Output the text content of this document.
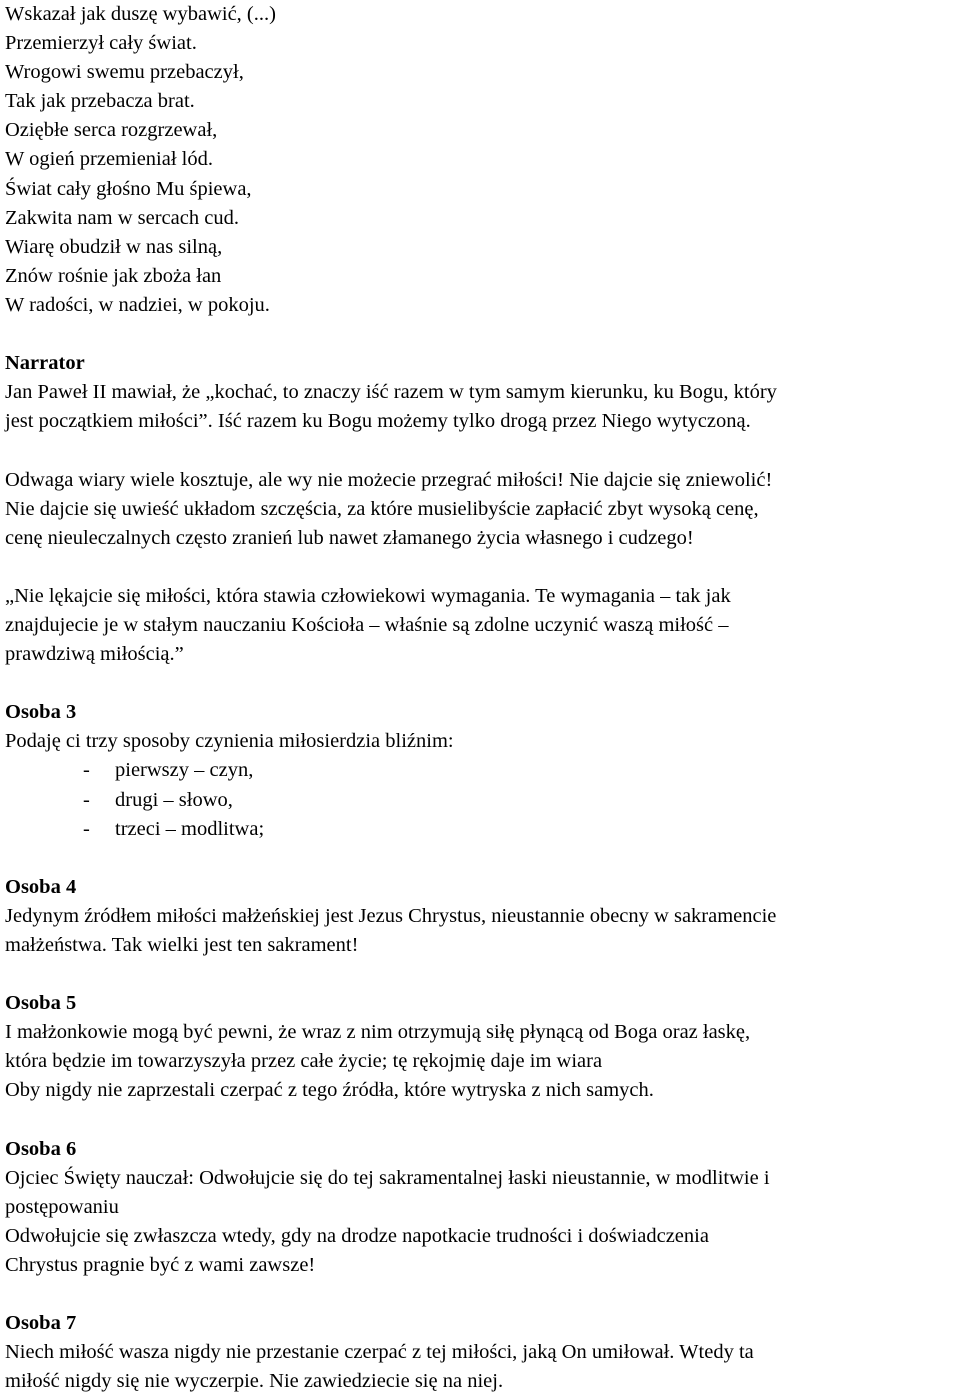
Wskazał jak duszę wybawić, (...)
Przemierzył cały świat.
Wrogowi swemu przebaczył,
Tak jak przebacza brat.
Oziębłe serca rozgrzewał,
W ogień przemieniał lód.
Świat cały głośno Mu śpiewa,
Zakwita nam w sercach cud.
Wiarę obudził w nas silną,
Znów rośnie jak zboża łan
W radości, w nadziei, w pokoju.
Narrator
Jan Paweł II mawiał, że „kochać, to znaczy iść razem w tym samym kierunku, ku Bogu, który
jest początkiem miłości”. Iść razem ku Bogu możemy tylko drogą przez Niego wytyczoną.
Odwaga wiary wiele kosztuje, ale wy nie możecie przegrać miłości! Nie dajcie się zniewolić!
Nie dajcie się uwieść układom szczęścia, za które musielibyście zapłacić zbyt wysoką cenę,
cenę nieuleczalnych często zranień lub nawet złamanego życia własnego i cudzego!
„Nie lękajcie się miłości, która stawia człowiekowi wymagania. Te wymagania – tak jak
znajdujecie je w stałym nauczaniu Kościoła – właśnie są zdolne uczynić waszą miłość –
prawdziwą miłością.”
Osoba 3
Podaję ci trzy sposoby czynienia miłosierdzia bliźnim:
- pierwszy – czyn,
- drugi – słowo,
- trzeci – modlitwa;
Osoba 4
Jedynym źródłem miłości małżeńskiej jest Jezus Chrystus, nieustannie obecny w sakramencie
małżeństwa. Tak wielki jest ten sakrament!
Osoba 5
I małżonkowie mogą być pewni, że wraz z nim otrzymują siłę płynącą od Boga oraz łaskę,
która będzie im towarzyszyła przez całe życie; tę rękojmię daje im wiara
Oby nigdy nie zaprzestali czerpać z tego źródła, które wytryska z nich samych.
Osoba 6
Ojciec Święty nauczał: Odwołujcie się do tej sakramentalnej łaski nieustannie, w modlitwie i
postępowaniu
Odwołujcie się zwłaszcza wtedy, gdy na drodze napotkacie trudności i doświadczenia
Chrystus pragnie być z wami zawsze!
Osoba 7
Niech miłość wasza nigdy nie przestanie czerpać z tej miłości, jaką On umiłował. Wtedy ta
miłość nigdy się nie wyczerpie. Nie zawiedziecie się na niej.
